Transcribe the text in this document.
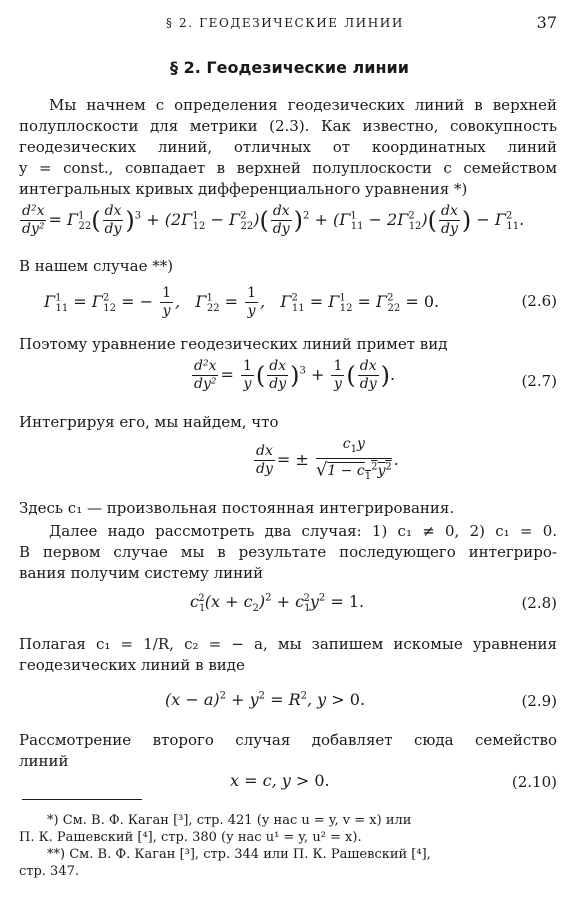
§ 2. ГЕОДЕЗИЧЕСКИЕ ЛИНИИ	37
§ 2. Геодезические линии
Мы начнем с определения геодезических линий в верхней
полуплоскости для метрики (2.3). Как известно, совокупность
геодезических линий, отличных от координатных линий
y = const., совпадает в верхней полуплоскости с семейством
интегральных кривых дифференциального уравнения *)
$\frac{\text{d²x}}{\text{dy²}} = \Gamma^1_{22}( \frac{dx}{dy} )^3 + (2\Gamma^1_{12} - \Gamma^2_{22})( \frac{dx}{dy} )^2 + (\Gamma^1_{11} - 2\Gamma^2_{12})( \frac{dx}{dy}$ ) − $\Gamma^2_{11}$.
В нашем случае **)
$\Gamma^1_{11} = \Gamma^2_{12}$ = − $\frac{1}{y}$ ,   $\Gamma^1_{22} = \frac{1}{y}$ ,   $\Gamma^2_{11} = \Gamma^1_{12} = \Gamma^2_{22} = 0$.	(2.6)
Поэтому уравнение геодезических линий примет вид
$\frac{\text{d²x}}{\text{dy²}} = \frac{1}{y}$ ( $\frac{dx}{dy} )^3 + \frac{1}{y}$ ( $\frac{dx}{dy}$ ).	(2.7)
Интегрируя его, мы найдем, что
$\frac{dx}{dy}$ = ± $\frac{c_1y}{√1 - c_1^2y^2}$ .
Здесь c₁ — произвольная постоянная интегрирования.
Далее надо рассмотреть два случая: 1) c₁ ≠ 0, 2) c₁ = 0.
В первом случае мы в результате последующего интегриро-
вания получим систему линий
$c_1^2(x + c_2)^2 + c_1^2y^2 = 1$.	(2.8)
Полагая c₁ = 1/R, c₂ = − a, мы запишем искомые уравнения
геодезических линий в виде
$(x - a)^2 + y^2 = R^2$, y > 0.	(2.9)
Рассмотрение второго случая добавляет сюда семейство
линий
x = c, y > 0.	(2.10)
*) См. В. Ф. Каган [³], стр. 421 (у нас u = y, v = x) или
П. К. Рашевский [⁴], стр. 380 (у нас u¹ = y, u² = x).
**) См. В. Ф. Каган [³], стр. 344 или П. К. Рашевский [⁴],
стр. 347.
